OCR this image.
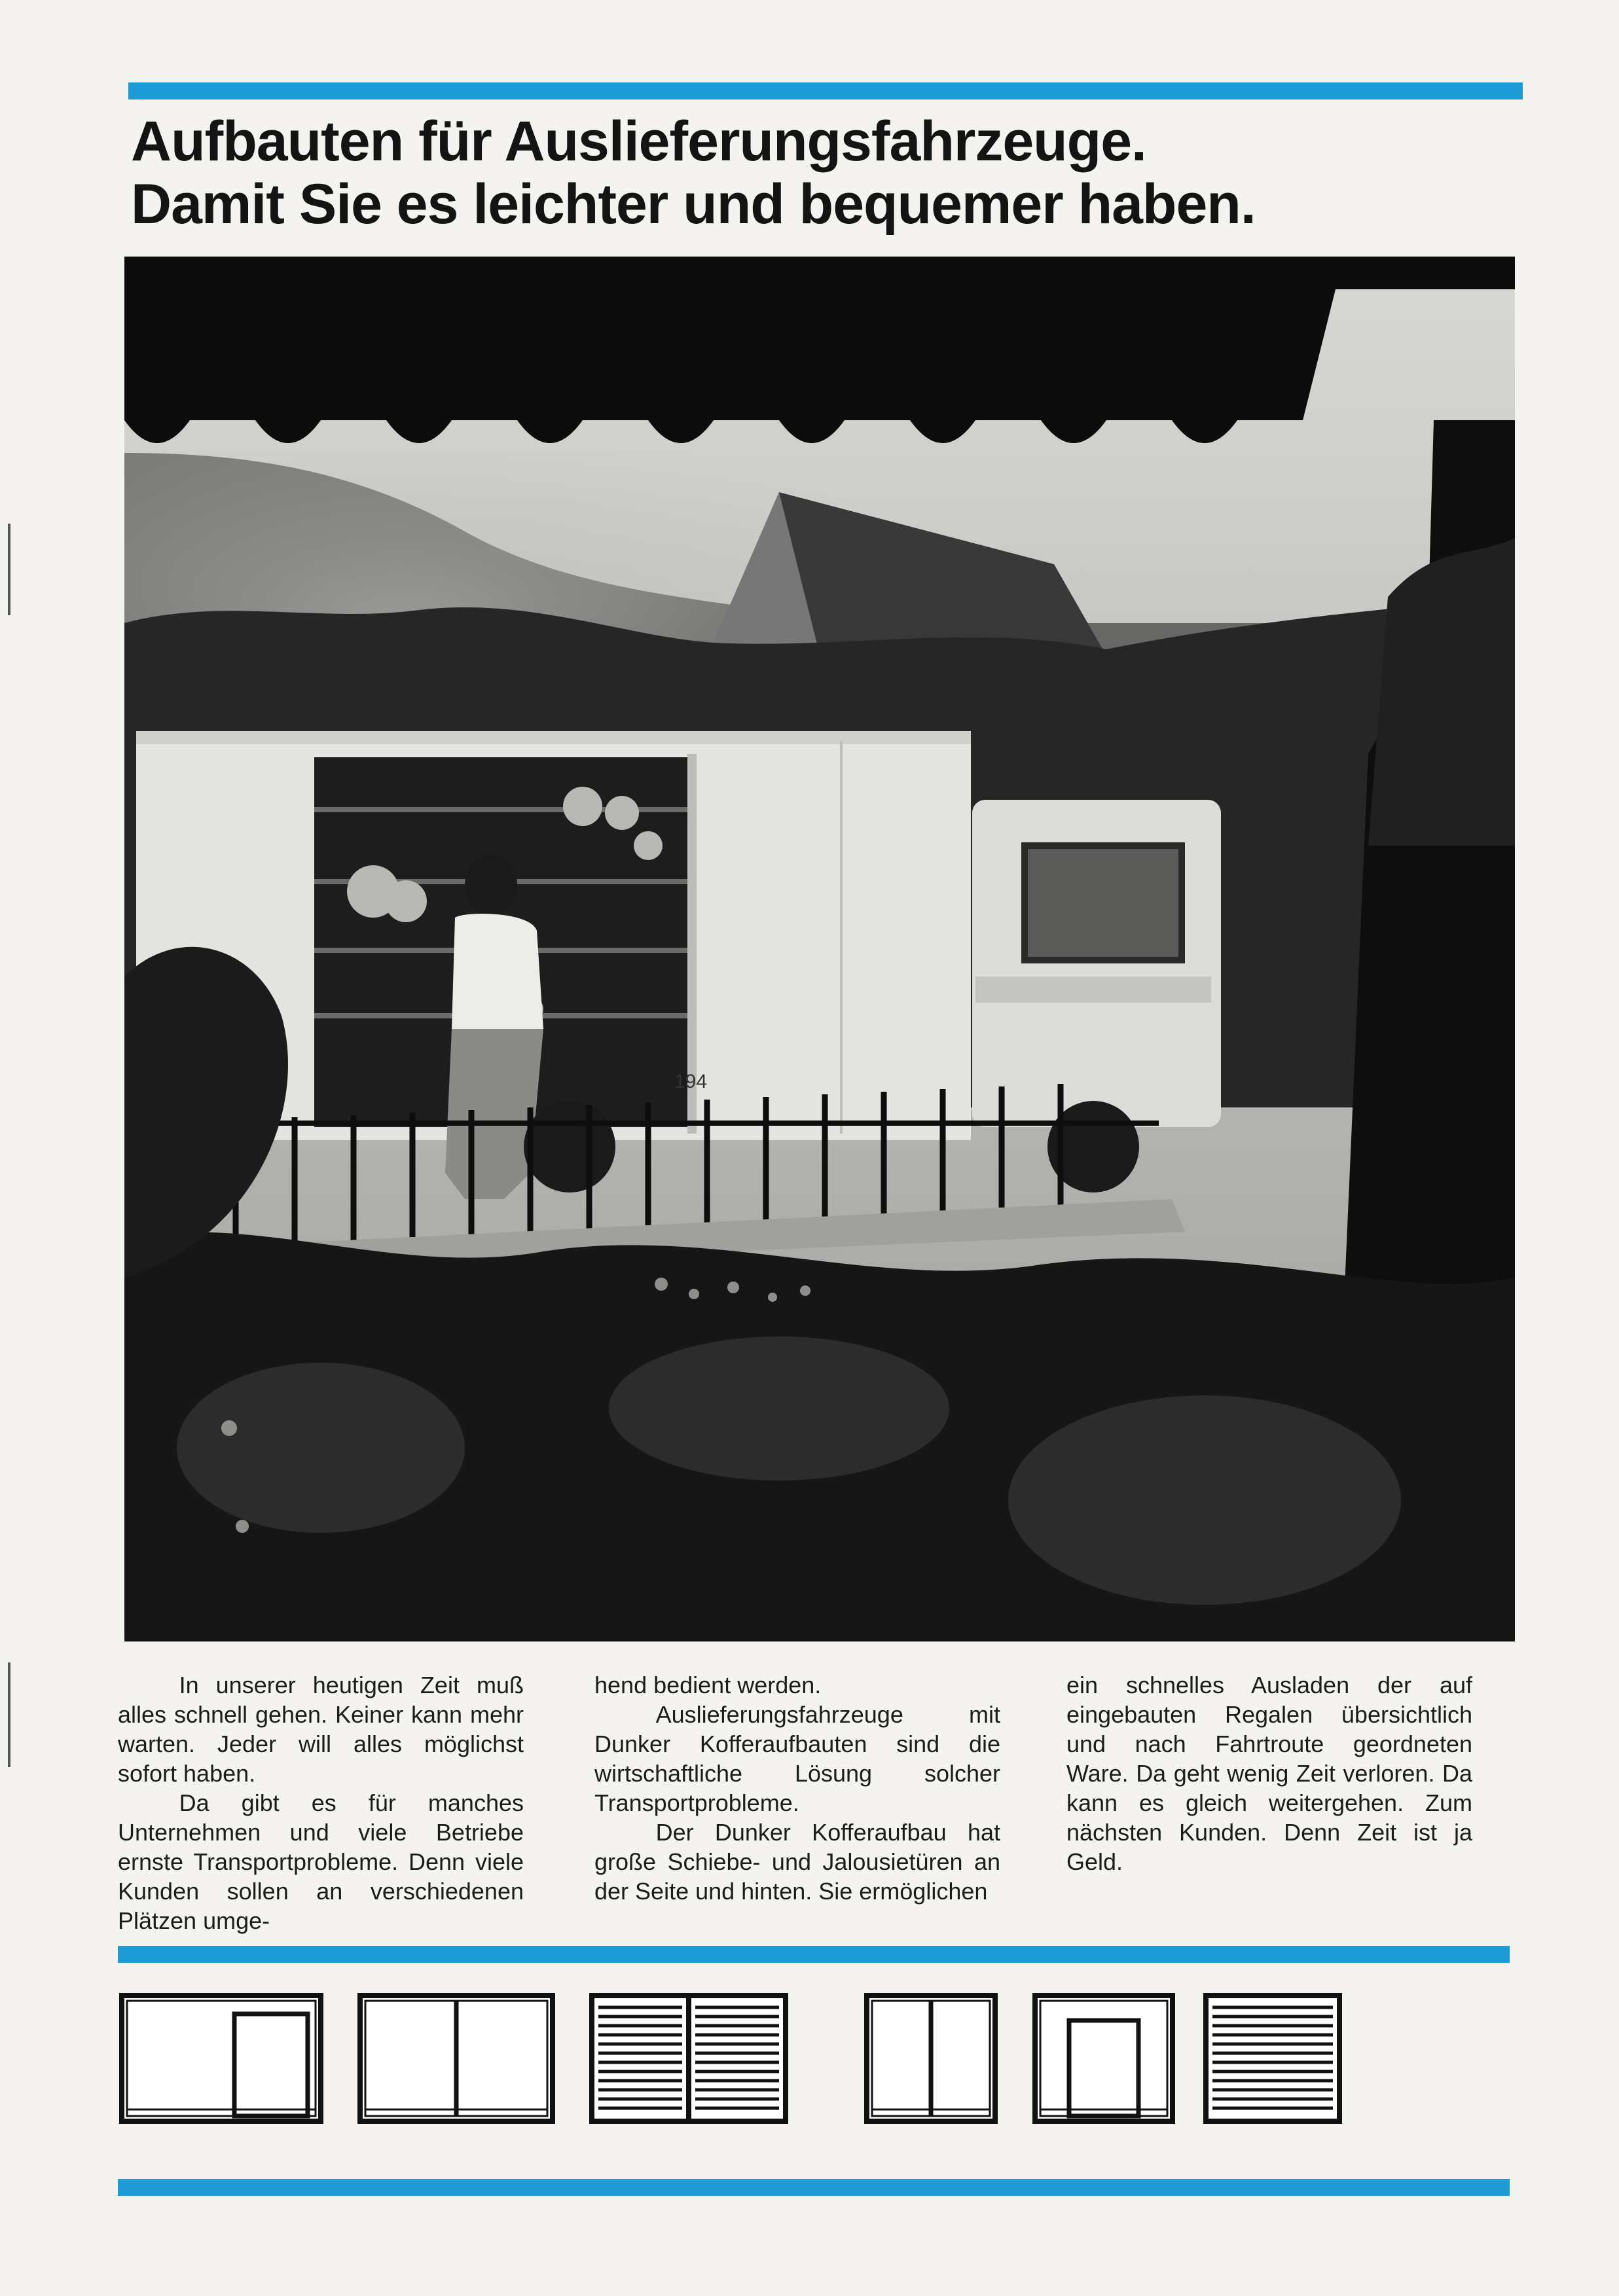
Aufbauten für Auslieferungsfahrzeuge.
Damit Sie es leichter und bequemer haben.
194

In unserer heutigen Zeit muß alles schnell gehen. Keiner kann mehr warten. Jeder will alles möglichst sofort haben.

Da gibt es für manches Unternehmen und viele Betriebe ernste Transportprobleme. Denn viele Kunden sollen an verschiedenen Plätzen umge-

hend bedient werden.

Auslieferungsfahrzeuge mit Dunker Kofferaufbauten sind die wirtschaftliche Lösung solcher Transportprobleme.

Der Dunker Kofferaufbau hat große Schiebe- und Jalousietüren an der Seite und hinten. Sie ermöglichen

ein schnelles Ausladen der auf eingebauten Regalen übersichtlich und nach Fahrtroute geordneten Ware. Da geht wenig Zeit verloren. Da kann es gleich weitergehen. Zum nächsten Kunden. Denn Zeit ist ja Geld.
